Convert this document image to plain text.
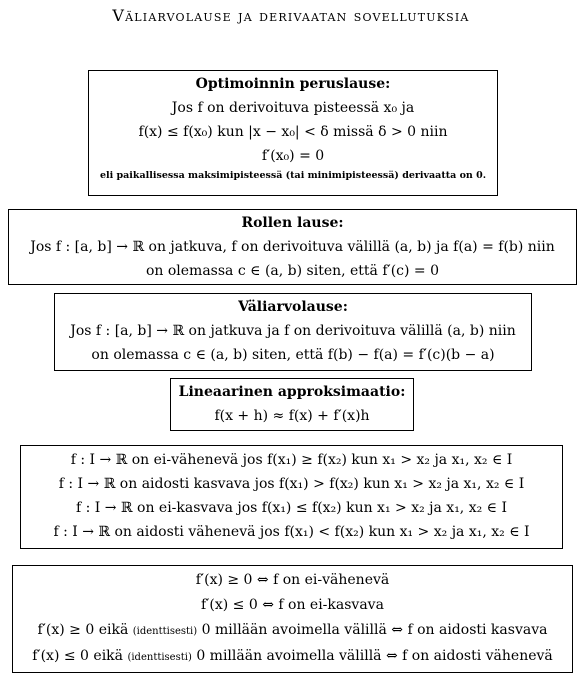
Väliarvolause ja derivaatan sovellutuksia
Optimoinnin peruslause:
Jos f on derivoituva pisteessä x₀ ja
f(x) ≤ f(x₀) kun |x − x₀| < δ missä δ > 0 niin
f′(x₀) = 0
eli paikallisessa maksimipisteessä (tai minimipisteessä) derivaatta on 0.
Rollen lause:
Jos f : [a, b] → ℝ on jatkuva, f on derivoituva välillä (a, b) ja f(a) = f(b) niin
on olemassa c ∈ (a, b) siten, että f′(c) = 0
Väliarvolause:
Jos f : [a, b] → ℝ on jatkuva ja f on derivoituva välillä (a, b) niin
on olemassa c ∈ (a, b) siten, että f(b) − f(a) = f′(c)(b − a)
Lineaarinen approksimaatio:
f(x + h) ≈ f(x) + f′(x)h
f : I → ℝ on ei-vähenevä jos f(x₁) ≥ f(x₂) kun x₁ > x₂ ja x₁, x₂ ∈ I
f : I → ℝ on aidosti kasvava jos f(x₁) > f(x₂) kun x₁ > x₂ ja x₁, x₂ ∈ I
f : I → ℝ on ei-kasvava jos f(x₁) ≤ f(x₂) kun x₁ > x₂ ja x₁, x₂ ∈ I
f : I → ℝ on aidosti vähenevä jos f(x₁) < f(x₂) kun x₁ > x₂ ja x₁, x₂ ∈ I
f′(x) ≥ 0 ⇔ f on ei-vähenevä
f′(x) ≤ 0 ⇔ f on ei-kasvava
f′(x) ≥ 0 eikä (identtisesti) 0 millään avoimella välillä ⇔ f on aidosti kasvava
f′(x) ≤ 0 eikä (identtisesti) 0 millään avoimella välillä ⇔ f on aidosti vähenevä
